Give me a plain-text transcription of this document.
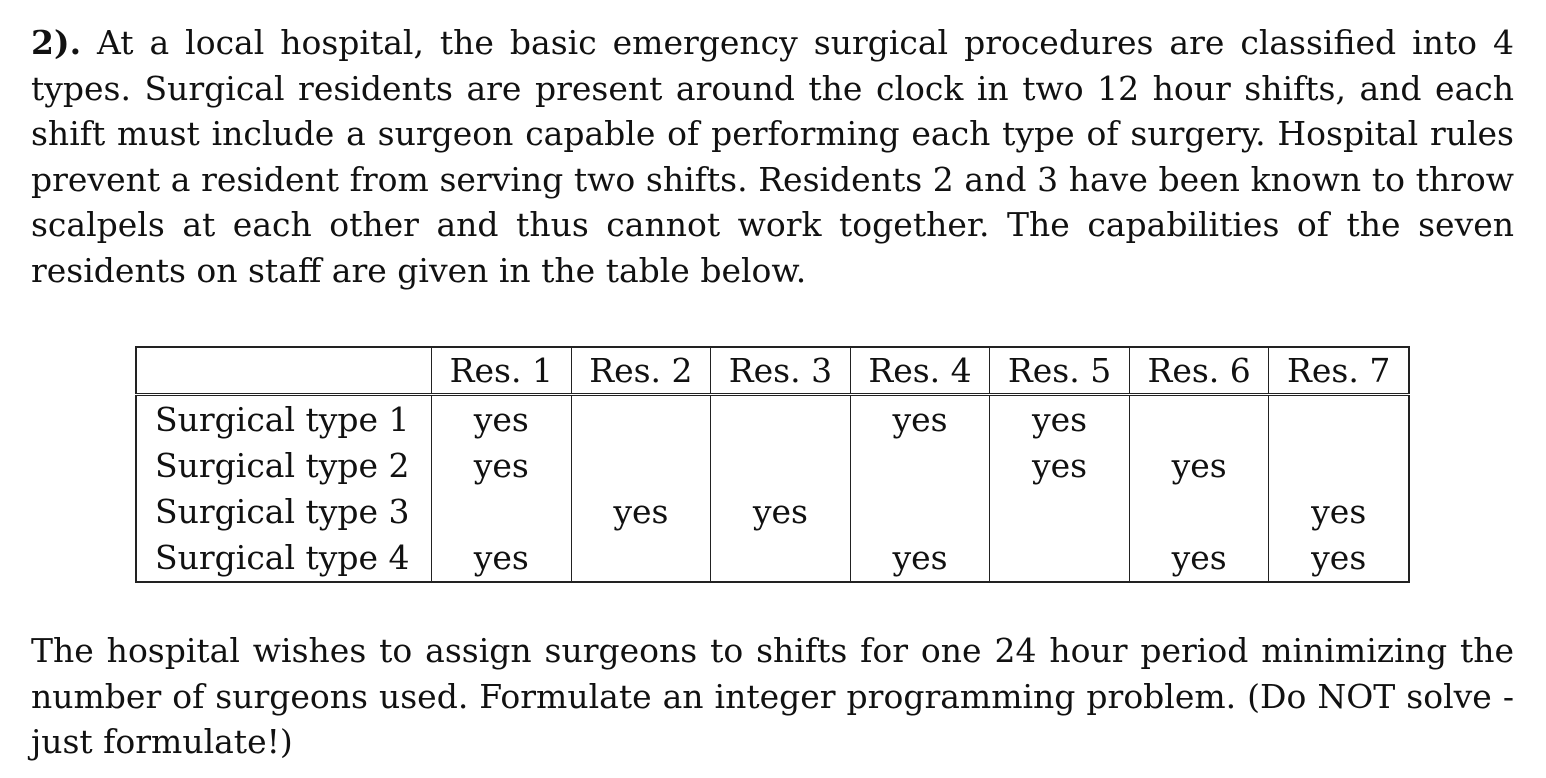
2). At a local hospital, the basic emergency surgical procedures are classified into 4 types. Surgical residents are present around the clock in two 12 hour shifts, and each shift must include a surgeon capable of performing each type of surgery. Hospital rules prevent a resident from serving two shifts. Residents 2 and 3 have been known to throw scalpels at each other and thus cannot work together. The capabilities of the seven residents on staff are given in the table below.

	Res. 1	Res. 2	Res. 3	Res. 4	Res. 5	Res. 6	Res. 7
Surgical type 1	yes			yes	yes		
Surgical type 2	yes				yes	yes	
Surgical type 3		yes	yes				yes
Surgical type 4	yes			yes		yes	yes

The hospital wishes to assign surgeons to shifts for one 24 hour period minimizing the number of surgeons used. Formulate an integer programming problem. (Do NOT solve - just formulate!)
